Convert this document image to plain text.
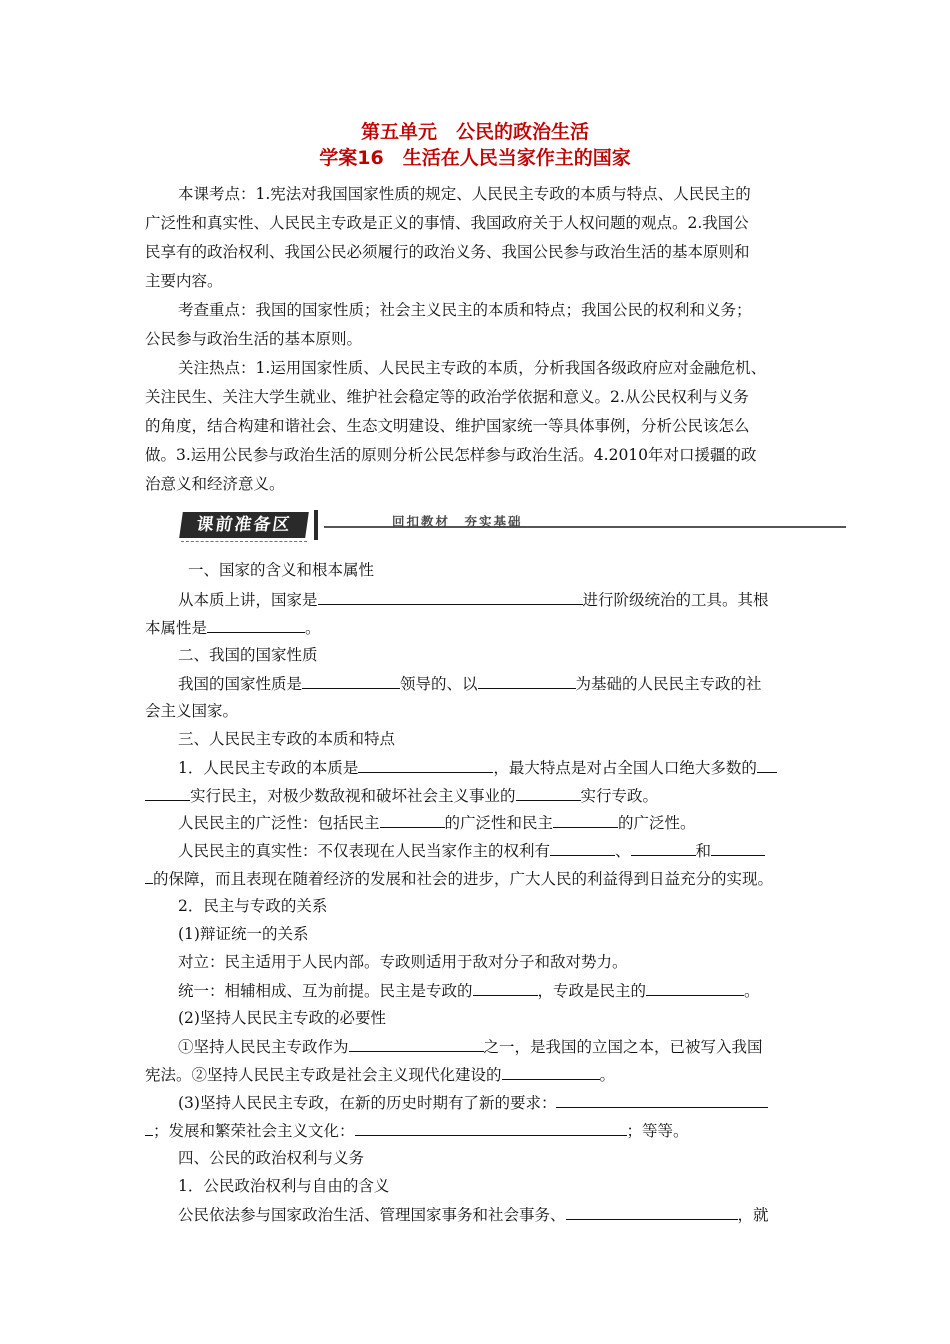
第五单元　公民的政治生活
学案16　生活在人民当家作主的国家
本课考点：1.宪法对我国国家性质的规定、人民民主专政的本质与特点、人民民主的
广泛性和真实性、人民民主专政是正义的事情、我国政府关于人权问题的观点。2.我国公
民享有的政治权利、我国公民必须履行的政治义务、我国公民参与政治生活的基本原则和
主要内容。
考查重点：我国的国家性质；社会主义民主的本质和特点；我国公民的权利和义务；
公民参与政治生活的基本原则。
关注热点：1.运用国家性质、人民民主专政的本质，分析我国各级政府应对金融危机、
关注民生、关注大学生就业、维护社会稳定等的政治学依据和意义。2.从公民权利与义务
的角度，结合构建和谐社会、生态文明建设、维护国家统一等具体事例，分析公民该怎么
做。3.运用公民参与政治生活的原则分析公民怎样参与政治生活。4.2010年对口援疆的政
治意义和经济意义。
课前准备区	回扣教材　夯实基础
一、国家的含义和根本属性
从本质上讲，国家是	进行阶级统治的工具。其根
本属性是	。
二、我国的国家性质
我国的国家性质是	领导的、以	为基础的人民民主专政的社
会主义国家。
三、人民民主专政的本质和特点
1．人民民主专政的本质是	，最大特点是对占全国人口绝大多数的
实行民主，对极少数敌视和破坏社会主义事业的	实行专政。
人民民主的广泛性：包括民主	的广泛性和民主	的广泛性。
人民民主的真实性：不仅表现在人民当家作主的权利有	、	和
的保障，而且表现在随着经济的发展和社会的进步，广大人民的利益得到日益充分的实现。
2．民主与专政的关系
(1)辩证统一的关系
对立：民主适用于人民内部。专政则适用于敌对分子和敌对势力。
统一：相辅相成、互为前提。民主是专政的	，专政是民主的	。
(2)坚持人民民主专政的必要性
①坚持人民民主专政作为	之一，是我国的立国之本，已被写入我国
宪法。②坚持人民民主专政是社会主义现代化建设的	。
(3)坚持人民民主专政，在新的历史时期有了新的要求：
；发展和繁荣社会主义文化：	；等等。
四、公民的政治权利与义务
1．公民政治权利与自由的含义
公民依法参与国家政治生活、管理国家事务和社会事务、	，就
